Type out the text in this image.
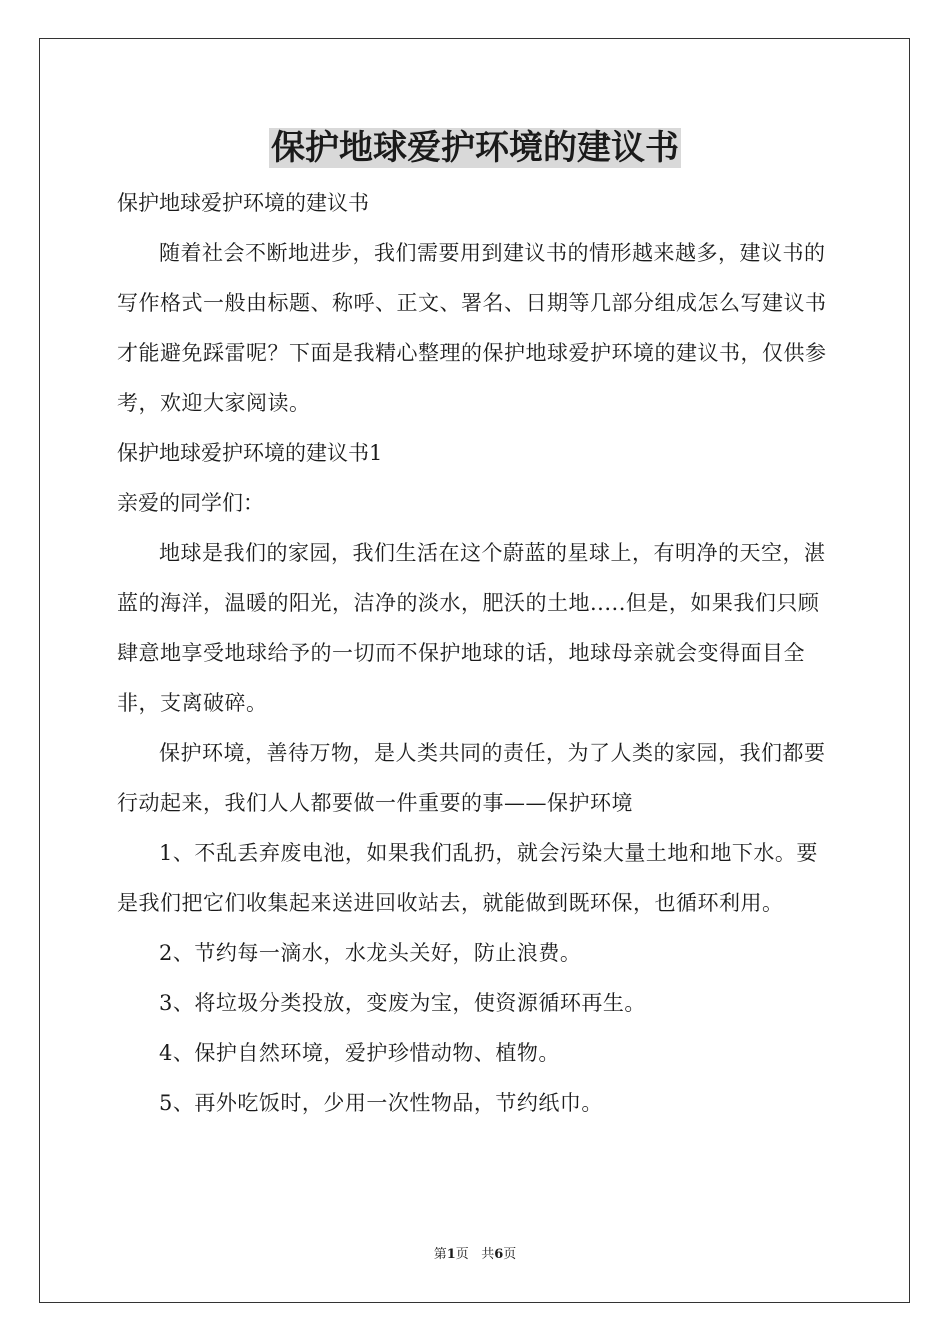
保护地球爱护环境的建议书

保护地球爱护环境的建议书

随着社会不断地进步，我们需要用到建议书的情形越来越多，建议书的写作格式一般由标题、称呼、正文、署名、日期等几部分组成怎么写建议书才能避免踩雷呢？下面是我精心整理的保护地球爱护环境的建议书，仅供参考，欢迎大家阅读。

保护地球爱护环境的建议书1

亲爱的同学们：

地球是我们的家园，我们生活在这个蔚蓝的星球上，有明净的天空，湛蓝的海洋，温暖的阳光，洁净的淡水，肥沃的土地.....但是，如果我们只顾肆意地享受地球给予的一切而不保护地球的话，地球母亲就会变得面目全非，支离破碎。

保护环境，善待万物，是人类共同的责任，为了人类的家园，我们都要行动起来，我们人人都要做一件重要的事——保护环境

1、不乱丢弃废电池，如果我们乱扔，就会污染大量土地和地下水。要是我们把它们收集起来送进回收站去，就能做到既环保，也循环利用。

2、节约每一滴水，水龙头关好，防止浪费。

3、将垃圾分类投放，变废为宝，使资源循环再生。

4、保护自然环境，爱护珍惜动物、植物。

5、再外吃饭时，少用一次性物品，节约纸巾。

第1页 共6页
